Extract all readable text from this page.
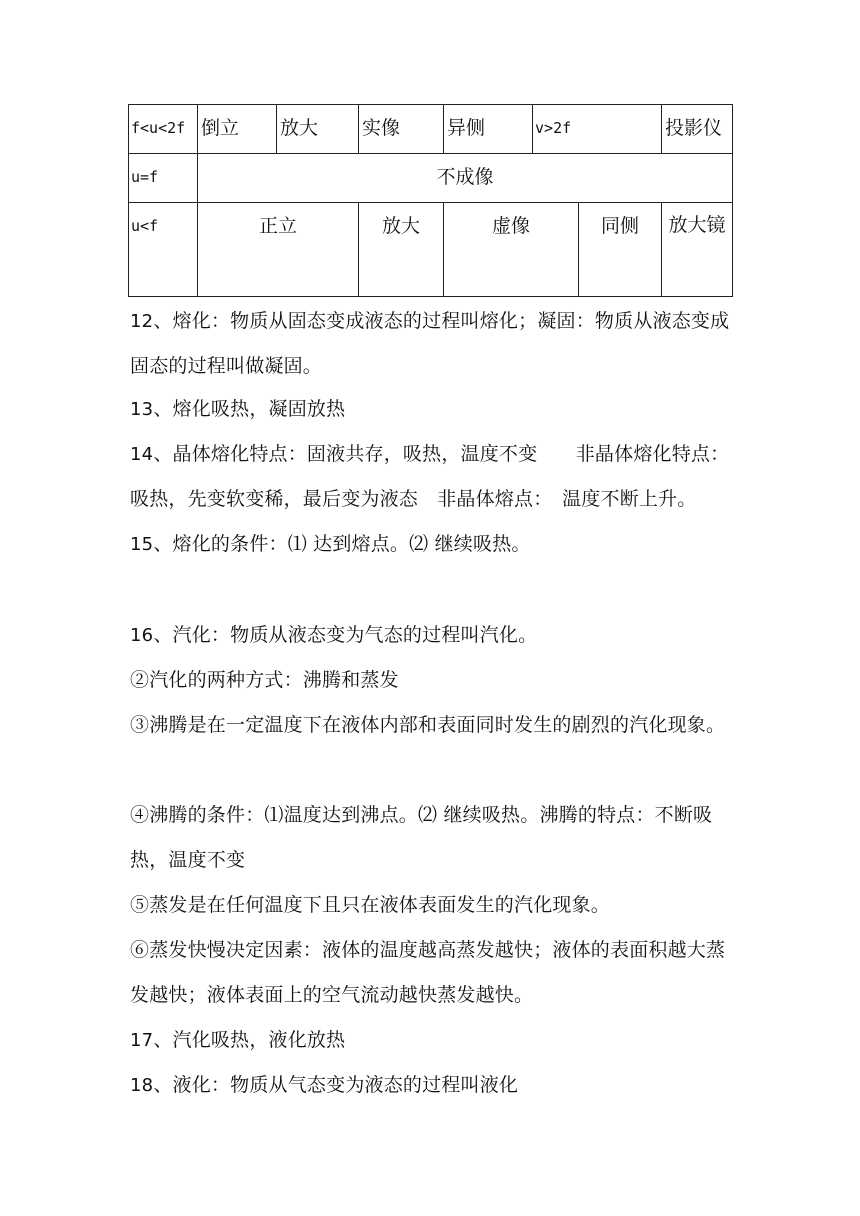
f<u<2f	倒立	放大	实像	异侧	v>2f		投影仪
u=f	不成像						
u<f	正立		放大	虚像		同侧	放大镜

12、熔化：物质从固态变成液态的过程叫熔化；凝固：物质从液态变成固态的过程叫做凝固。

13、熔化吸热，凝固放热

14、晶体熔化特点：固液共存，吸热，温度不变　　非晶体熔化特点：吸热，先变软变稀，最后变为液态　非晶体熔点：　温度不断上升。

15、熔化的条件：⑴ 达到熔点。⑵ 继续吸热。

16、汽化：物质从液态变为气态的过程叫汽化。

②汽化的两种方式：沸腾和蒸发

③沸腾是在一定温度下在液体内部和表面同时发生的剧烈的汽化现象。

④沸腾的条件：⑴温度达到沸点。⑵ 继续吸热。沸腾的特点：不断吸热，温度不变

⑤蒸发是在任何温度下且只在液体表面发生的汽化现象。

⑥蒸发快慢决定因素：液体的温度越高蒸发越快；液体的表面积越大蒸发越快；液体表面上的空气流动越快蒸发越快。

17、汽化吸热，液化放热

18、液化：物质从气态变为液态的过程叫液化
